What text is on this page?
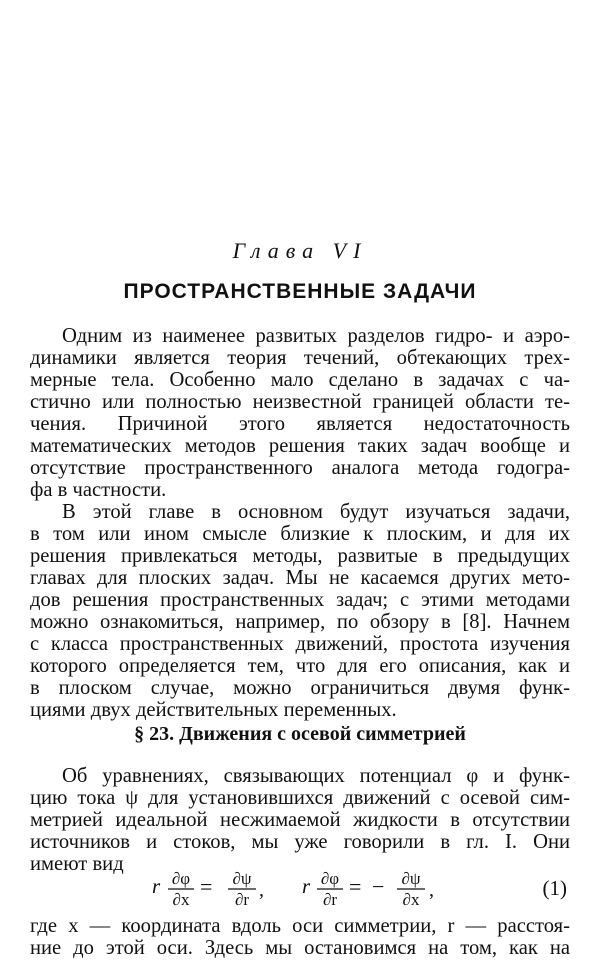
Глава VI
ПРОСТРАНСТВЕННЫЕ ЗАДАЧИ
Одним из наименее развитых разделов гидро- и аэро-
динамики является теория течений, обтекающих трех-
мерные тела. Особенно мало сделано в задачах с ча-
стично или полностью неизвестной границей области те-
чения. Причиной этого является недостаточность
математических методов решения таких задач вообще и
отсутствие пространственного аналога метода годогра-
фа в частности.
В этой главе в основном будут изучаться задачи,
в том или ином смысле близкие к плоским, и для их
решения привлекаться методы, развитые в предыдущих
главах для плоских задач. Мы не касаемся других мето-
дов решения пространственных задач; с этими методами
можно ознакомиться, например, по обзору в [8]. Начнем
с класса пространственных движений, простота изучения
которого определяется тем, что для его описания, как и
в плоском случае, можно ограничиться двумя функ-
циями двух действительных переменных.
§ 23. Движения с осевой симметрией
Об уравнениях, связывающих потенциал φ и функ-
цию тока ψ для установившихся движений с осевой сим-
метрией идеальной несжимаемой жидкости в отсутствии
источников и стоков, мы уже говорили в гл. I. Они
имеют вид
r ∂φ
∂x
= ∂ψ
∂r , r ∂φ
∂r
= − ∂ψ
∂x ,	(1)
где x — координата вдоль оси симметрии, r — расстоя-
ние до этой оси. Здесь мы остановимся на том, как на
